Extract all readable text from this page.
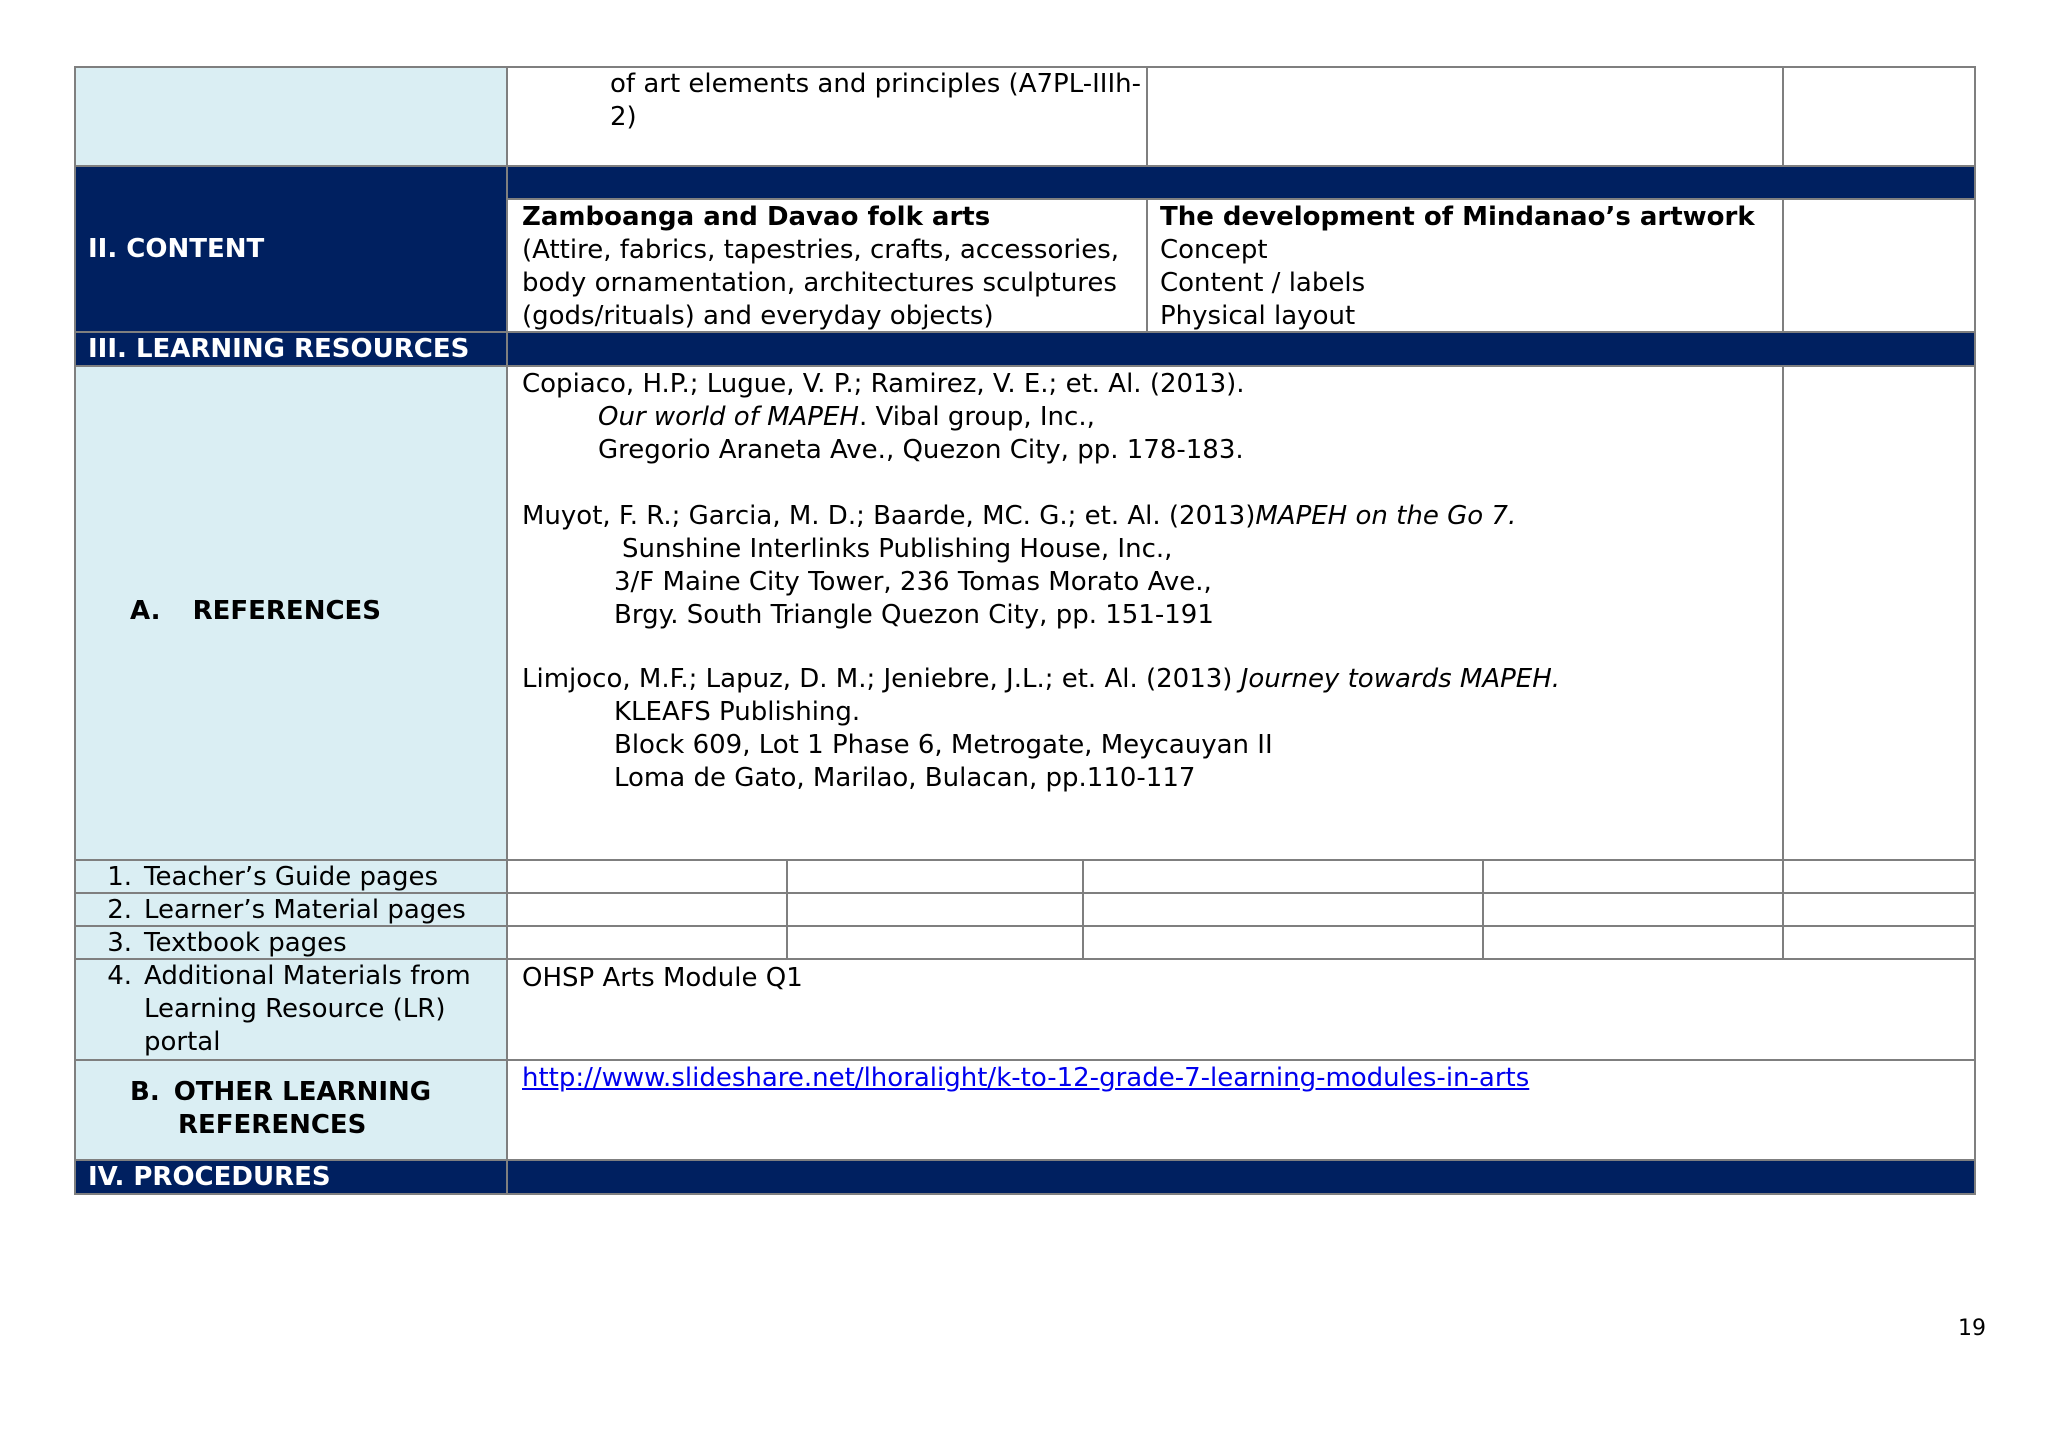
of art elements and principles (A7PL-IIIh-
2)
II. CONTENT
Zamboanga and Davao folk arts
(Attire, fabrics, tapestries, crafts, accessories,
body ornamentation, architectures sculptures
(gods/rituals) and everyday objects)
The development of Mindanao’s artwork
Concept
Content / labels
Physical layout
III. LEARNING RESOURCES
A. REFERENCES
Copiaco, H.P.; Lugue, V. P.; Ramirez, V. E.; et. Al. (2013).
Our world of MAPEH. Vibal group, Inc.,
Gregorio Araneta Ave., Quezon City, pp. 178-183.
Muyot, F. R.; Garcia, M. D.; Baarde, MC. G.; et. Al. (2013)MAPEH on the Go 7.
Sunshine Interlinks Publishing House, Inc.,
3/F Maine City Tower, 236 Tomas Morato Ave.,
Brgy. South Triangle Quezon City, pp. 151-191
Limjoco, M.F.; Lapuz, D. M.; Jeniebre, J.L.; et. Al. (2013) Journey towards MAPEH.
KLEAFS Publishing.
Block 609, Lot 1 Phase 6, Metrogate, Meycauyan II
Loma de Gato, Marilao, Bulacan, pp.110-117
1. Teacher’s Guide pages
2. Learner’s Material pages
3. Textbook pages
4. Additional Materials from
Learning Resource (LR)
portal
OHSP Arts Module Q1
B. OTHER LEARNING
REFERENCES
http://www.slideshare.net/lhoralight/k-to-12-grade-7-learning-modules-in-arts
IV. PROCEDURES
19
